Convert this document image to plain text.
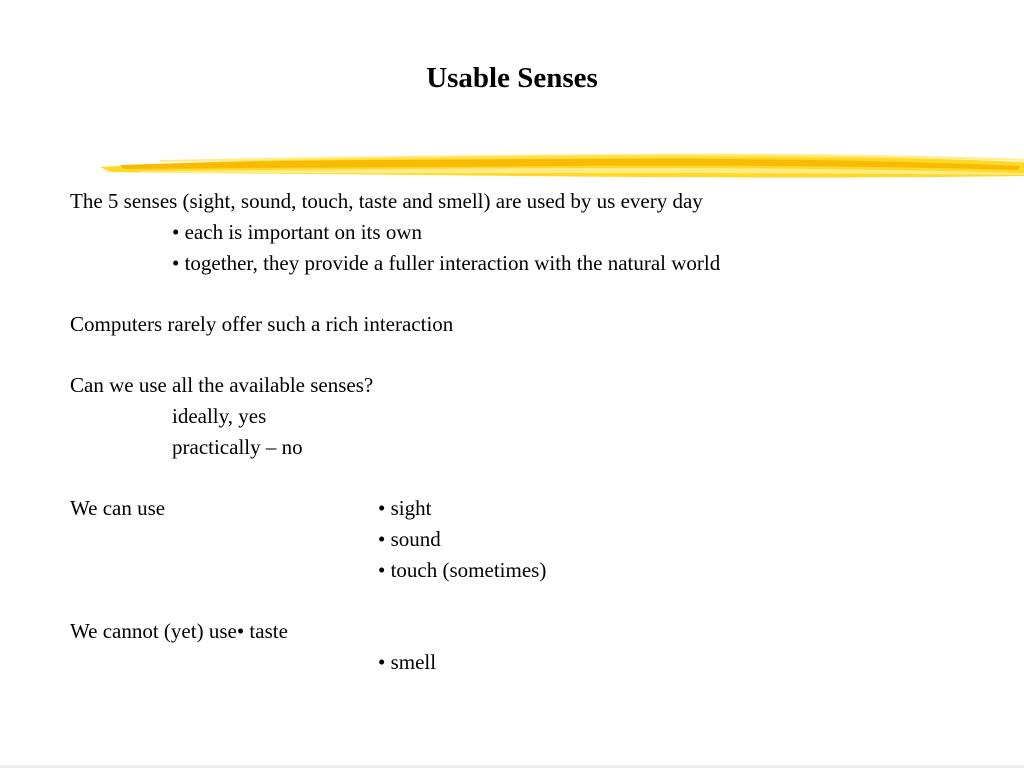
Usable Senses
The 5 senses (sight, sound, touch, taste and smell) are used by us every day
• each is important on its own
• together, they provide a fuller interaction with the natural world
Computers rarely offer such a rich interaction
Can we use all the available senses?
ideally, yes
practically – no
We can use	• sight
• sound
• touch (sometimes)
We cannot (yet) use• taste
• smell
